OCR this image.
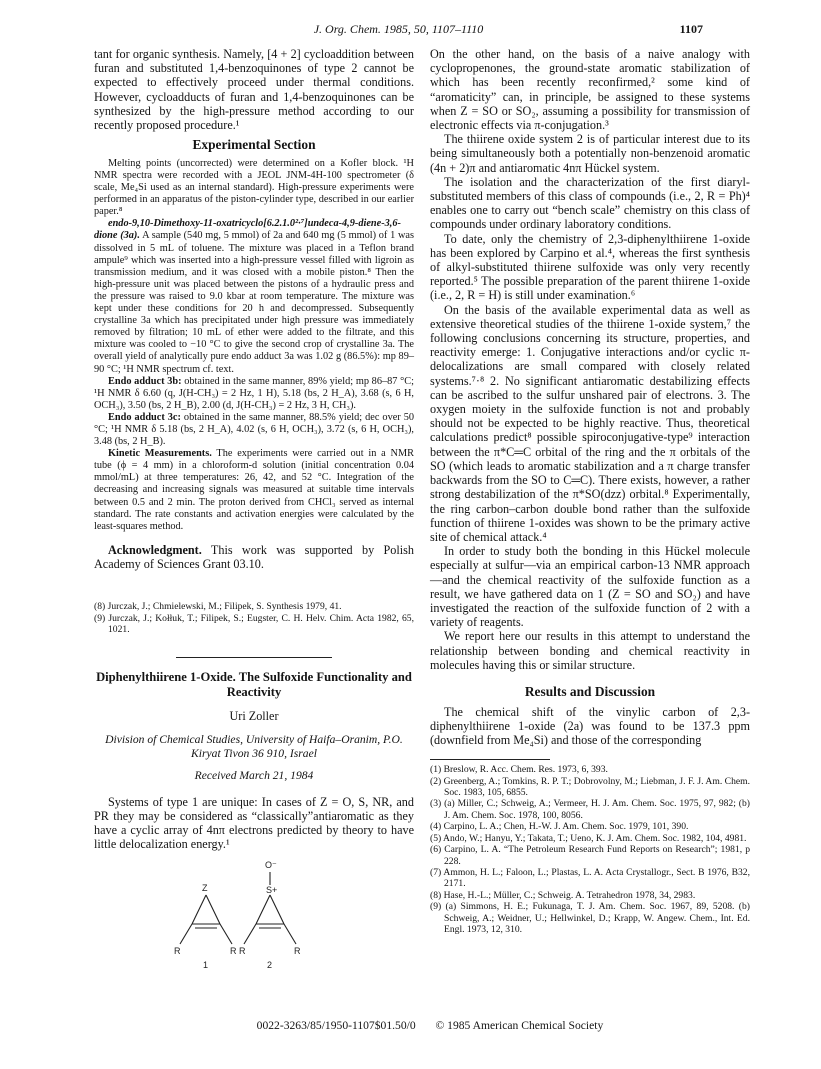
J. Org. Chem. 1985, 50, 1107–1110	1107

tant for organic synthesis. Namely, [4 + 2] cycloaddition between furan and substituted 1,4-benzoquinones of type 2 cannot be expected to effectively proceed under thermal conditions. However, cycloadducts of furan and 1,4-benzoquinones can be synthesized by the high-pressure method according to our recently proposed procedure.¹

Experimental Section

Melting points (uncorrected) were determined on a Kofler block. ¹H NMR spectra were recorded with a JEOL JNM-4H-100 spectrometer (δ scale, Me₄Si used as an internal standard). High-pressure experiments were performed in an apparatus of the piston-cylinder type, described in our earlier paper.⁸

endo-9,10-Dimethoxy-11-oxatricyclo[6.2.1.0²·⁷]undeca-4,9-diene-3,6-dione (3a). A sample (540 mg, 5 mmol) of 2a and 640 mg (5 mmol) of 1 was dissolved in 5 mL of toluene. The mixture was placed in a Teflon brand ampule⁹ which was inserted into a high-pressure vessel filled with ligroin as transmission medium, and it was closed with a mobile piston.⁸ Then the high-pressure unit was placed between the pistons of a hydraulic press and the pressure was raised to 9.0 kbar at room temperature. The mixture was kept under these conditions for 20 h and decompressed. Subsequently crystalline 3a which has precipitated under high pressure was immediately removed by filtration; 10 mL of ether were added to the filtrate, and this mixture was cooled to −10 °C to give the second crop of crystalline 3a. The overall yield of analytically pure endo adduct 3a was 1.02 g (86.5%): mp 89–90 °C; ¹H NMR spectrum cf. text.

Endo adduct 3b: obtained in the same manner, 89% yield; mp 86–87 °C; ¹H NMR δ 6.60 (q, J(H-CH₃) = 2 Hz, 1 H), 5.18 (bs, 2 H_A), 3.68 (s, 6 H, OCH₃), 3.50 (bs, 2 H_B), 2.00 (d, J(H-CH₃) = 2 Hz, 3 H, CH₃).

Endo adduct 3c: obtained in the same manner, 88.5% yield; dec over 50 °C; ¹H NMR δ 5.18 (bs, 2 H_A), 4.02 (s, 6 H, OCH₃), 3.72 (s, 6 H, OCH₃), 3.48 (bs, 2 H_B).

Kinetic Measurements. The experiments were carried out in a NMR tube (ϕ = 4 mm) in a chloroform-d solution (initial concentration 0.04 mmol/mL) at three temperatures: 26, 42, and 52 °C. Integration of the decreasing and increasing signals was measured at suitable time intervals between 0.5 and 2 min. The proton derived from CHCl₃ served as internal standard. The rate constants and activation energies were calculated by the least-squares method.

Acknowledgment. This work was supported by Polish Academy of Sciences Grant 03.10.

(8) Jurczak, J.; Chmielewski, M.; Filipek, S. Synthesis 1979, 41.

(9) Jurczak, J.; Kołłuk, T.; Filipek, S.; Eugster, C. H. Helv. Chim. Acta 1982, 65, 1021.

Diphenylthiirene 1-Oxide. The Sulfoxide Functionality and Reactivity
Uri Zoller
Division of Chemical Studies, University of Haifa–Oranim, P.O. Kiryat Tivon 36 910, Israel
Received March 21, 1984

Systems of type 1 are unique: In cases of Z = O, S, NR, and PR they may be considered as “classically”antiaromatic as they have a cyclic array of 4nπ electrons predicted by theory to have little delocalization energy.¹

Z	S+
O⁻
R	R R	R
1	2

On the other hand, on the basis of a naive analogy with cyclopropenones, the ground-state aromatic stabilization of which has been recently reconfirmed,² some kind of “aromaticity” can, in principle, be assigned to these systems when Z = SO or SO₂, assuming a possibility for transmission of electronic effects via π-conjugation.³

The thiirene oxide system 2 is of particular interest due to its being simultaneously both a potentially non-benzenoid aromatic (4n + 2)π and antiaromatic 4nπ Hückel system.

The isolation and the characterization of the first diaryl-substituted members of this class of compounds (i.e., 2, R = Ph)⁴ enables one to carry out “bench scale” chemistry on this class of compounds under ordinary laboratory conditions.

To date, only the chemistry of 2,3-diphenylthiirene 1-oxide has been explored by Carpino et al.⁴, whereas the first synthesis of alkyl-substituted thiirene sulfoxide was only very recently reported.⁵ The possible preparation of the parent thiirene 1-oxide (i.e., 2, R = H) is still under examination.⁶

On the basis of the available experimental data as well as extensive theoretical studies of the thiirene 1-oxide system,⁷ the following conclusions concerning its structure, properties, and reactivity emerge: 1. Conjugative interactions and/or cyclic π-delocalizations are small compared with closely related systems.⁷·⁸ 2. No significant antiaromatic destabilizing effects can be ascribed to the sulfur unshared pair of electrons. 3. The oxygen moiety in the sulfoxide function is not and probably should not be expected to be highly reactive. Thus, theoretical calculations predict⁸ possible spiroconjugative-type⁹ interaction between the π*C═C orbital of the ring and the π orbitals of the SO (which leads to aromatic stabilization and a π charge transfer backwards from the SO to C═C). There exists, however, a rather strong destabilization of the π*SO(dzz) orbital.⁸ Experimentally, the ring carbon–carbon double bond rather than the sulfoxide function of thiirene 1-oxides was shown to be the primary active site of chemical attack.⁴

In order to study both the bonding in this Hückel molecule especially at sulfur—via an empirical carbon-13 NMR approach—and the chemical reactivity of the sulfoxide function as a result, we have gathered data on 1 (Z = SO and SO₂) and have investigated the reaction of the sulfoxide function of 2 with a variety of reagents.

We report here our results in this attempt to understand the relationship between bonding and chemical reactivity in molecules having this or similar structure.

Results and Discussion

The chemical shift of the vinylic carbon of 2,3-diphenylthiirene 1-oxide (2a) was found to be 137.3 ppm (downfield from Me₄Si) and those of the corresponding

(1) Breslow, R. Acc. Chem. Res. 1973, 6, 393.

(2) Greenberg, A.; Tomkins, R. P. T.; Dobrovolny, M.; Liebman, J. F. J. Am. Chem. Soc. 1983, 105, 6855.

(3) (a) Miller, C.; Schweig, A.; Vermeer, H. J. Am. Chem. Soc. 1975, 97, 982; (b) J. Am. Chem. Soc. 1978, 100, 8056.

(4) Carpino, L. A.; Chen, H.-W. J. Am. Chem. Soc. 1979, 101, 390.

(5) Ando, W.; Hanyu, Y.; Takata, T.; Ueno, K. J. Am. Chem. Soc. 1982, 104, 4981.

(6) Carpino, L. A. “The Petroleum Research Fund Reports on Research”; 1981, p 228.

(7) Ammon, H. L.; Faloon, L.; Plastas, L. A. Acta Crystallogr., Sect. B 1976, B32, 2171.

(8) Hase, H.-L.; Müller, C.; Schweig. A. Tetrahedron 1978, 34, 2983.

(9) (a) Simmons, H. E.; Fukunaga, T. J. Am. Chem. Soc. 1967, 89, 5208. (b) Schweig, A.; Weidner, U.; Hellwinkel, D.; Krapp, W. Angew. Chem., Int. Ed. Engl. 1973, 12, 310.

0022-3263/85/1950-1107$01.50/0 © 1985 American Chemical Society
